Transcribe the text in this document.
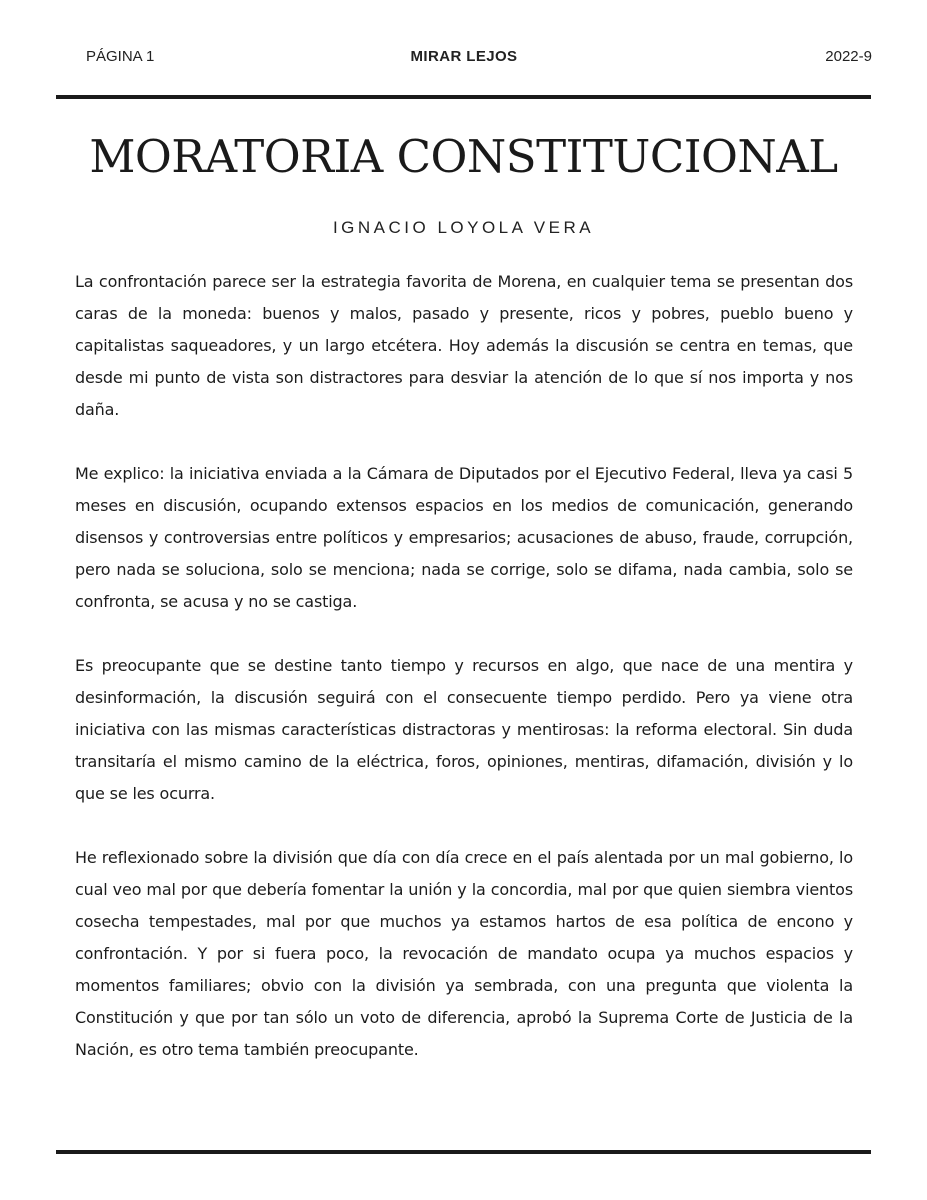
PÁGINA 1	MIRAR LEJOS	2022-9
MORATORIA CONSTITUCIONAL
IGNACIO LOYOLA VERA

La confrontación parece ser la estrategia favorita de Morena, en cualquier tema se presentan dos caras de la moneda: buenos y malos, pasado y presente, ricos y pobres, pueblo bueno y capitalistas saqueadores, y un largo etcétera. Hoy además la discusión se centra en temas, que desde mi punto de vista son distractores para desviar la atención de lo que sí nos importa y nos daña.

Me explico: la iniciativa enviada a la Cámara de Diputados por el Ejecutivo Federal, lleva ya casi 5 meses en discusión, ocupando extensos espacios en los medios de comunicación, generando disensos y controversias entre políticos y empresarios; acusaciones de abuso, fraude, corrupción, pero nada se soluciona, solo se menciona; nada se corrige, solo se difama, nada cambia, solo se confronta, se acusa y no se castiga.

Es preocupante que se destine tanto tiempo y recursos en algo, que nace de una mentira y desinformación, la discusión seguirá con el consecuente tiempo perdido. Pero ya viene otra iniciativa con las mismas características distractoras y mentirosas: la reforma electoral. Sin duda transitaría el mismo camino de la eléctrica, foros, opiniones, mentiras, difamación, división y lo que se les ocurra.

He reflexionado sobre la división que día con día crece en el país alentada por un mal gobierno, lo cual veo mal por que debería fomentar la unión y la concordia, mal por que quien siembra vientos cosecha tempestades, mal por que muchos ya estamos hartos de esa política de encono y confrontación. Y por si fuera poco, la revocación de mandato ocupa ya muchos espacios y momentos familiares; obvio con la división ya sembrada, con una pregunta que violenta la Constitución y que por tan sólo un voto de diferencia, aprobó la Suprema Corte de Justicia de la Nación, es otro tema también preocupante.
